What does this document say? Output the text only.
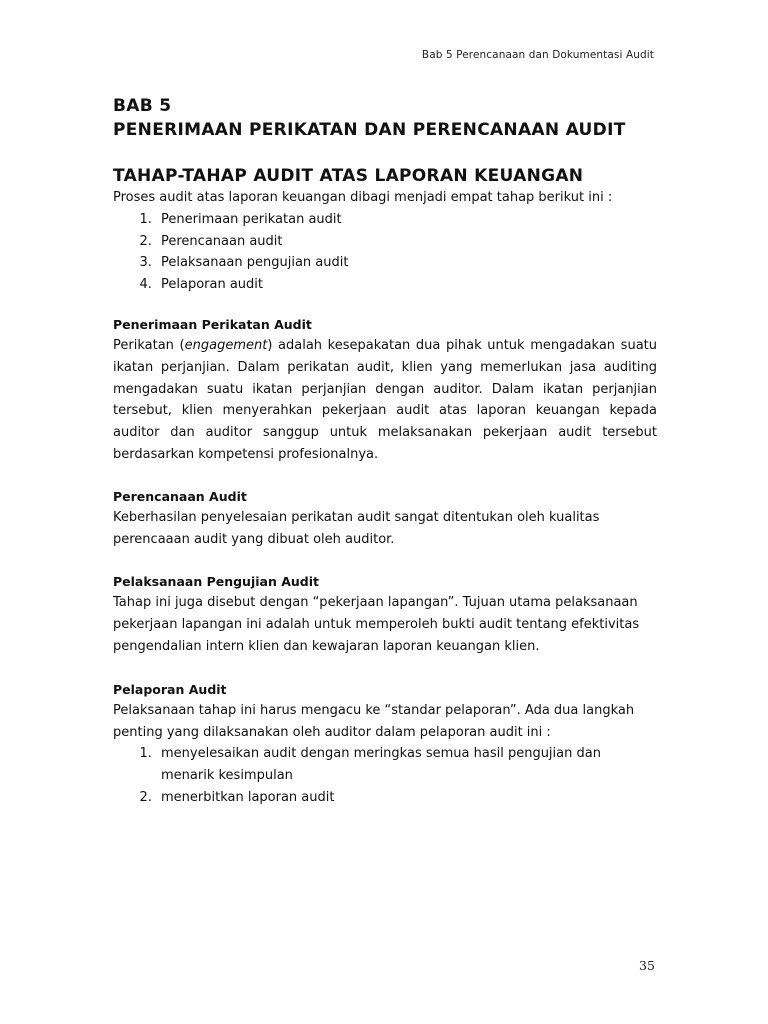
Bab 5 Perencanaan dan Dokumentasi Audit
BAB 5
PENERIMAAN PERIKATAN DAN PERENCANAAN AUDIT
TAHAP-TAHAP AUDIT ATAS LAPORAN KEUANGAN

Proses audit atas laporan keuangan dibagi menjadi empat tahap berikut ini :

1. Penerimaan perikatan audit
2. Perencanaan audit
3. Pelaksanaan pengujian audit
4. Pelaporan audit
Penerimaan Perikatan Audit

Perikatan (engagement) adalah kesepakatan dua pihak untuk mengadakan suatu ikatan perjanjian. Dalam perikatan audit, klien yang memerlukan jasa auditing mengadakan suatu ikatan perjanjian dengan auditor. Dalam ikatan perjanjian tersebut, klien menyerahkan pekerjaan audit atas laporan keuangan kepada auditor dan auditor sanggup untuk melaksanakan pekerjaan audit tersebut berdasarkan kompetensi profesionalnya.

Perencanaan Audit

Keberhasilan penyelesaian perikatan audit sangat ditentukan oleh kualitas perencaaan audit yang dibuat oleh auditor.

Pelaksanaan Pengujian Audit

Tahap ini juga disebut dengan “pekerjaan lapangan”. Tujuan utama pelaksanaan pekerjaan lapangan ini adalah untuk memperoleh bukti audit tentang efektivitas pengendalian intern klien dan kewajaran laporan keuangan klien.

Pelaporan Audit

Pelaksanaan tahap ini harus mengacu ke “standar pelaporan”. Ada dua langkah penting yang dilaksanakan oleh auditor dalam pelaporan audit ini :

1. menyelesaikan audit dengan meringkas semua hasil pengujian dan menarik kesimpulan
2. menerbitkan laporan audit
35
